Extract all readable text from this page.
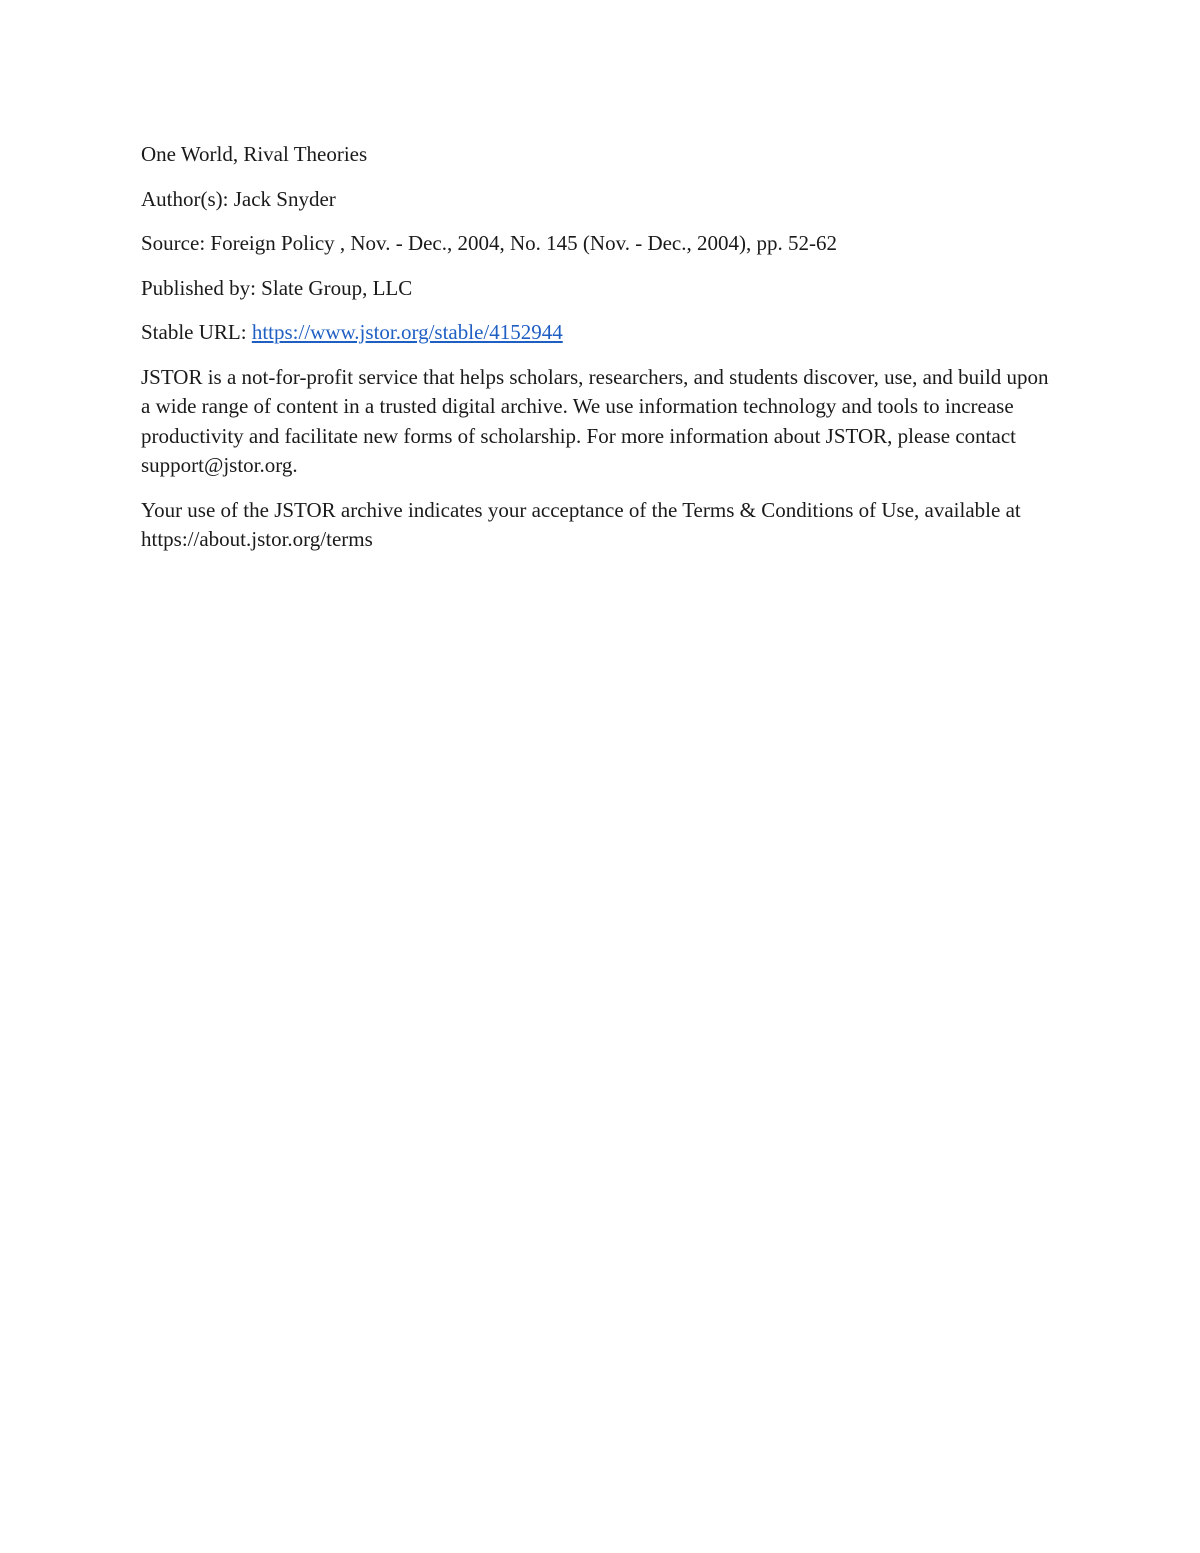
One World, Rival Theories

Author(s): Jack Snyder

Source: Foreign Policy , Nov. - Dec., 2004, No. 145 (Nov. - Dec., 2004), pp. 52-62

Published by: Slate Group, LLC

Stable URL: https://www.jstor.org/stable/4152944

JSTOR is a not-for-profit service that helps scholars, researchers, and students discover, use, and build upon a wide range of content in a trusted digital archive. We use information technology and tools to increase productivity and facilitate new forms of scholarship. For more information about JSTOR, please contact support@jstor.org.

Your use of the JSTOR archive indicates your acceptance of the Terms & Conditions of Use, available at https://about.jstor.org/terms
